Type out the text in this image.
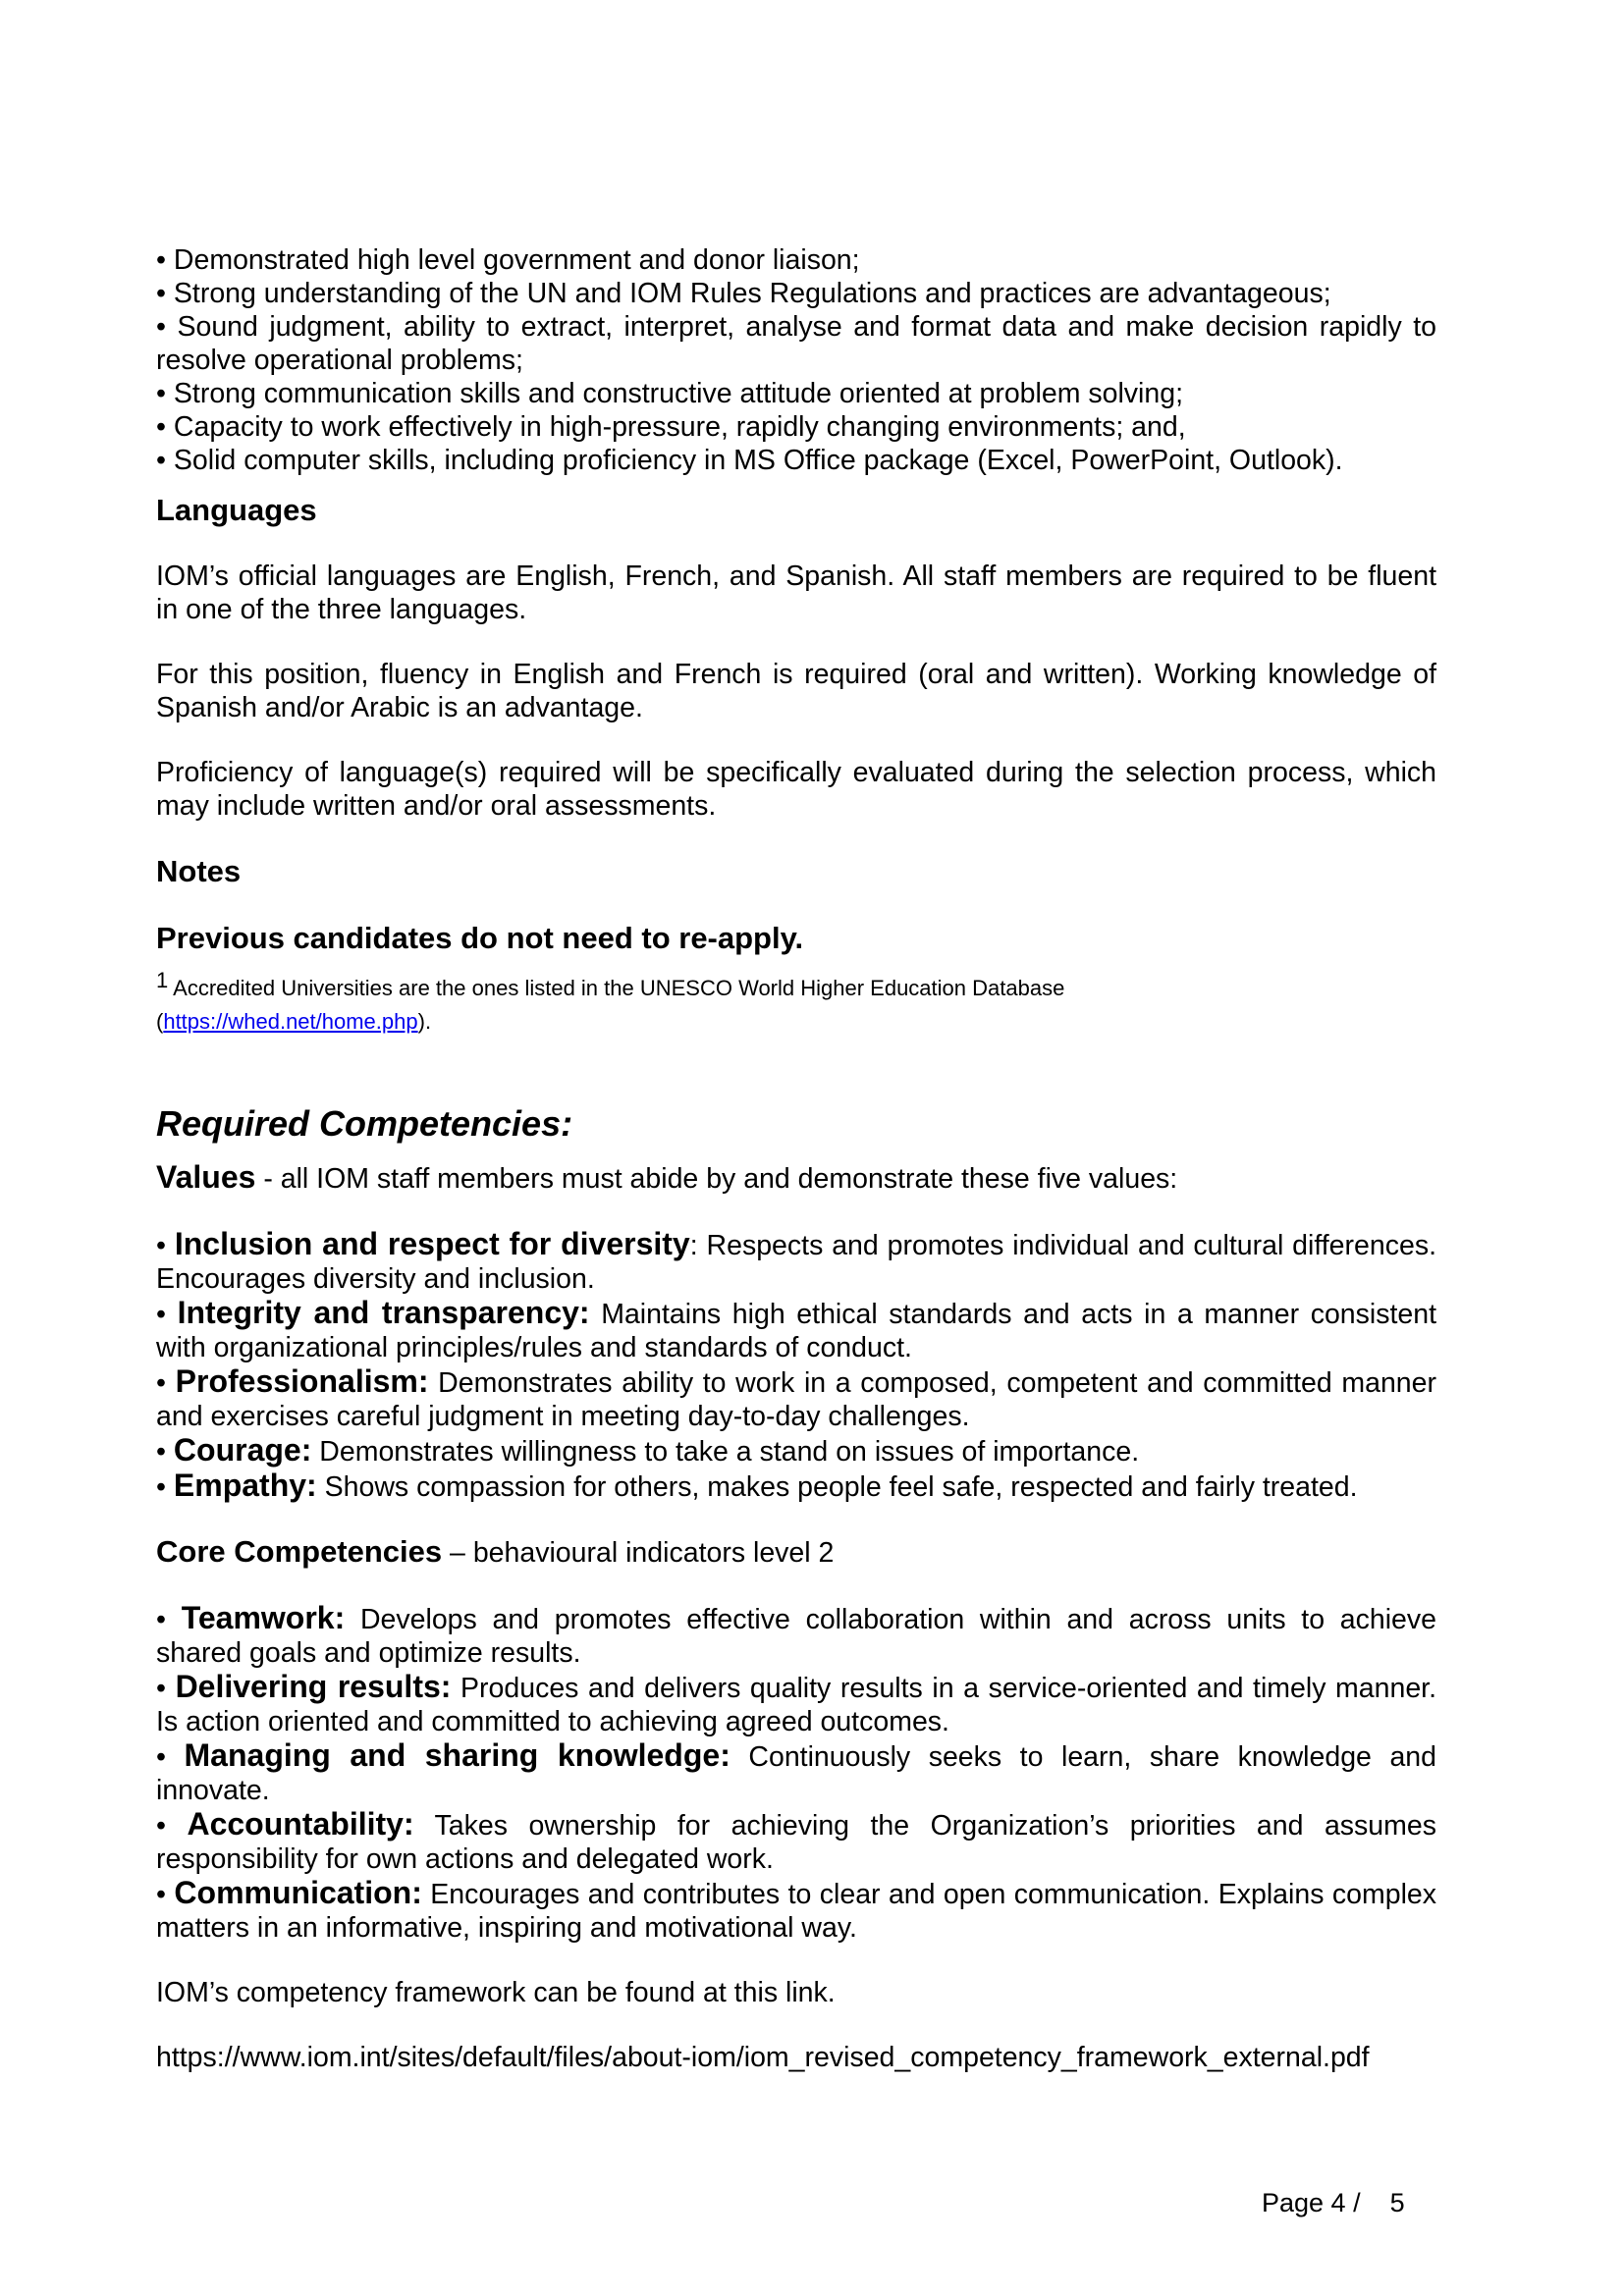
• Demonstrated high level government and donor liaison;
• Strong understanding of the UN and IOM Rules Regulations and practices are advantageous;
• Sound judgment, ability to extract, interpret, analyse and format data and make decision rapidly to resolve operational problems;
• Strong communication skills and constructive attitude oriented at problem solving;
• Capacity to work effectively in high-pressure, rapidly changing environments; and,
• Solid computer skills, including proficiency in MS Office package (Excel, PowerPoint, Outlook).
Languages

IOM’s official languages are English, French, and Spanish. All staff members are required to be fluent in one of the three languages.

For this position, fluency in English and French is required (oral and written). Working knowledge of Spanish and/or Arabic is an advantage.

Proficiency of language(s) required will be specifically evaluated during the selection process, which may include written and/or oral assessments.

Notes
Previous candidates do not need to re-apply.
$^1$ Accredited Universities are the ones listed in the UNESCO World Higher Education Database
(https://whed.net/home.php).
Required Competencies:

Values - all IOM staff members must abide by and demonstrate these five values:

• Inclusion and respect for diversity: Respects and promotes individual and cultural differences. Encourages diversity and inclusion.
• Integrity and transparency: Maintains high ethical standards and acts in a manner consistent with organizational principles/rules and standards of conduct.
• Professionalism: Demonstrates ability to work in a composed, competent and committed manner and exercises careful judgment in meeting day-to-day challenges.
• Courage: Demonstrates willingness to take a stand on issues of importance.
• Empathy: Shows compassion for others, makes people feel safe, respected and fairly treated.

Core Competencies – behavioural indicators level 2

• Teamwork: Develops and promotes effective collaboration within and across units to achieve shared goals and optimize results.
• Delivering results: Produces and delivers quality results in a service-oriented and timely manner. Is action oriented and committed to achieving agreed outcomes.
• Managing and sharing knowledge: Continuously seeks to learn, share knowledge and innovate.
• Accountability: Takes ownership for achieving the Organization’s priorities and assumes responsibility for own actions and delegated work.
• Communication: Encourages and contributes to clear and open communication. Explains complex matters in an informative, inspiring and motivational way.

IOM’s competency framework can be found at this link.

https://www.iom.int/sites/default/files/about-iom/iom_revised_competency_framework_external.pdf

Page 4 /    5
